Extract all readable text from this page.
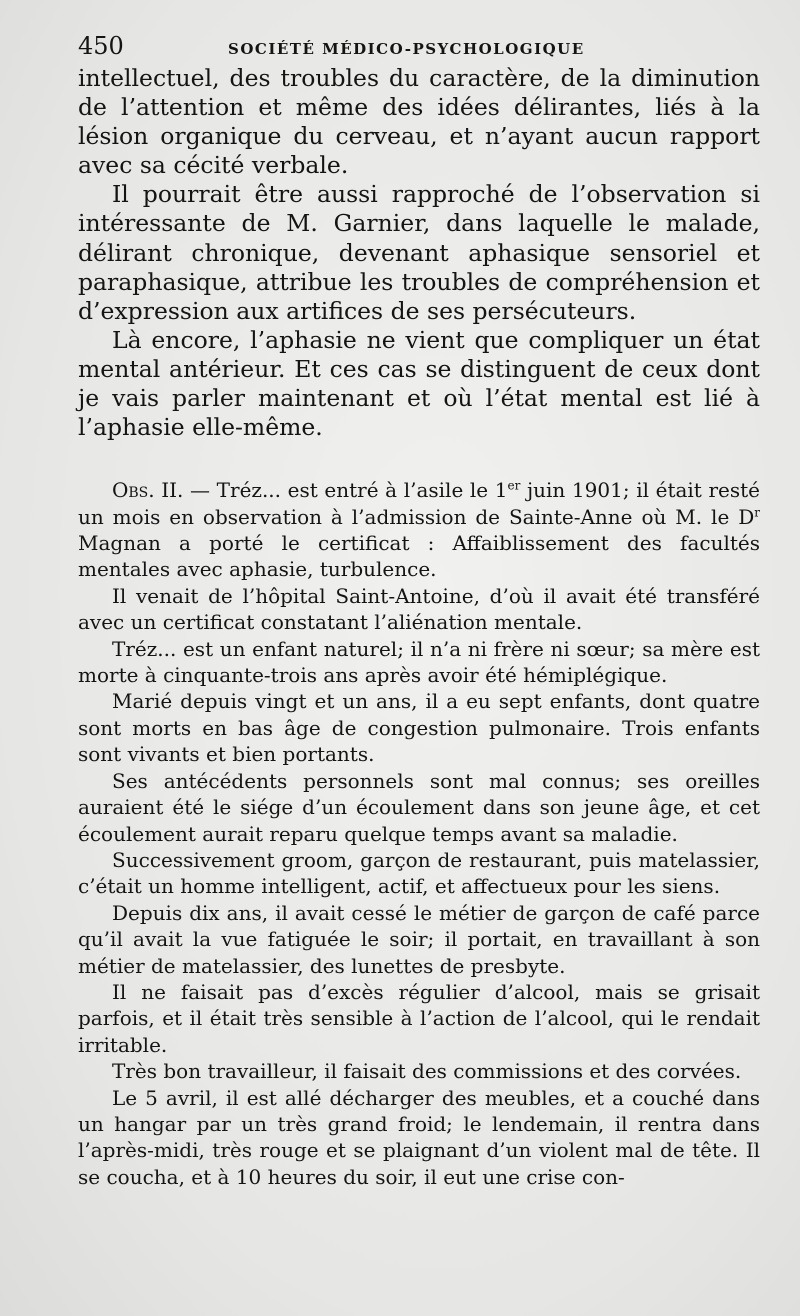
450	SOCIÉTÉ MÉDICO-PSYCHOLOGIQUE

intellectuel, des troubles du caractère, de la diminution de l’attention et même des idées délirantes, liés à la lésion organique du cerveau, et n’ayant aucun rapport avec sa cécité verbale.

Il pourrait être aussi rapproché de l’observation si intéressante de M. Garnier, dans laquelle le malade, délirant chronique, devenant aphasique sensoriel et paraphasique, attribue les troubles de compréhension et d’expression aux artifices de ses persécuteurs.

Là encore, l’aphasie ne vient que compliquer un état mental antérieur. Et ces cas se distinguent de ceux dont je vais parler maintenant et où l’état mental est lié à l’aphasie elle-même.

Obs. II. — Tréz... est entré à l’asile le 1er juin 1901; il était resté un mois en observation à l’admission de Sainte-Anne où M. le $D^r$ Magnan a porté le certificat : Affaiblissement des facultés mentales avec aphasie, turbulence.

Il venait de l’hôpital Saint-Antoine, d’où il avait été transféré avec un certificat constatant l’aliénation mentale.

Tréz... est un enfant naturel; il n’a ni frère ni sœur; sa mère est morte à cinquante-trois ans après avoir été hémiplégique.

Marié depuis vingt et un ans, il a eu sept enfants, dont quatre sont morts en bas âge de congestion pulmonaire. Trois enfants sont vivants et bien portants.

Ses antécédents personnels sont mal connus; ses oreilles auraient été le siége d’un écoulement dans son jeune âge, et cet écoulement aurait reparu quelque temps avant sa maladie.

Successivement groom, garçon de restaurant, puis matelassier, c’était un homme intelligent, actif, et affectueux pour les siens.

Depuis dix ans, il avait cessé le métier de garçon de café parce qu’il avait la vue fatiguée le soir; il portait, en travaillant à son métier de matelassier, des lunettes de presbyte.

Il ne faisait pas d’excès régulier d’alcool, mais se grisait parfois, et il était très sensible à l’action de l’alcool, qui le rendait irritable.

Très bon travailleur, il faisait des commissions et des corvées.

Le 5 avril, il est allé décharger des meubles, et a couché dans un hangar par un très grand froid; le lendemain, il rentra dans l’après-midi, très rouge et se plaignant d’un violent mal de tête. Il se coucha, et à 10 heures du soir, il eut une crise con-
